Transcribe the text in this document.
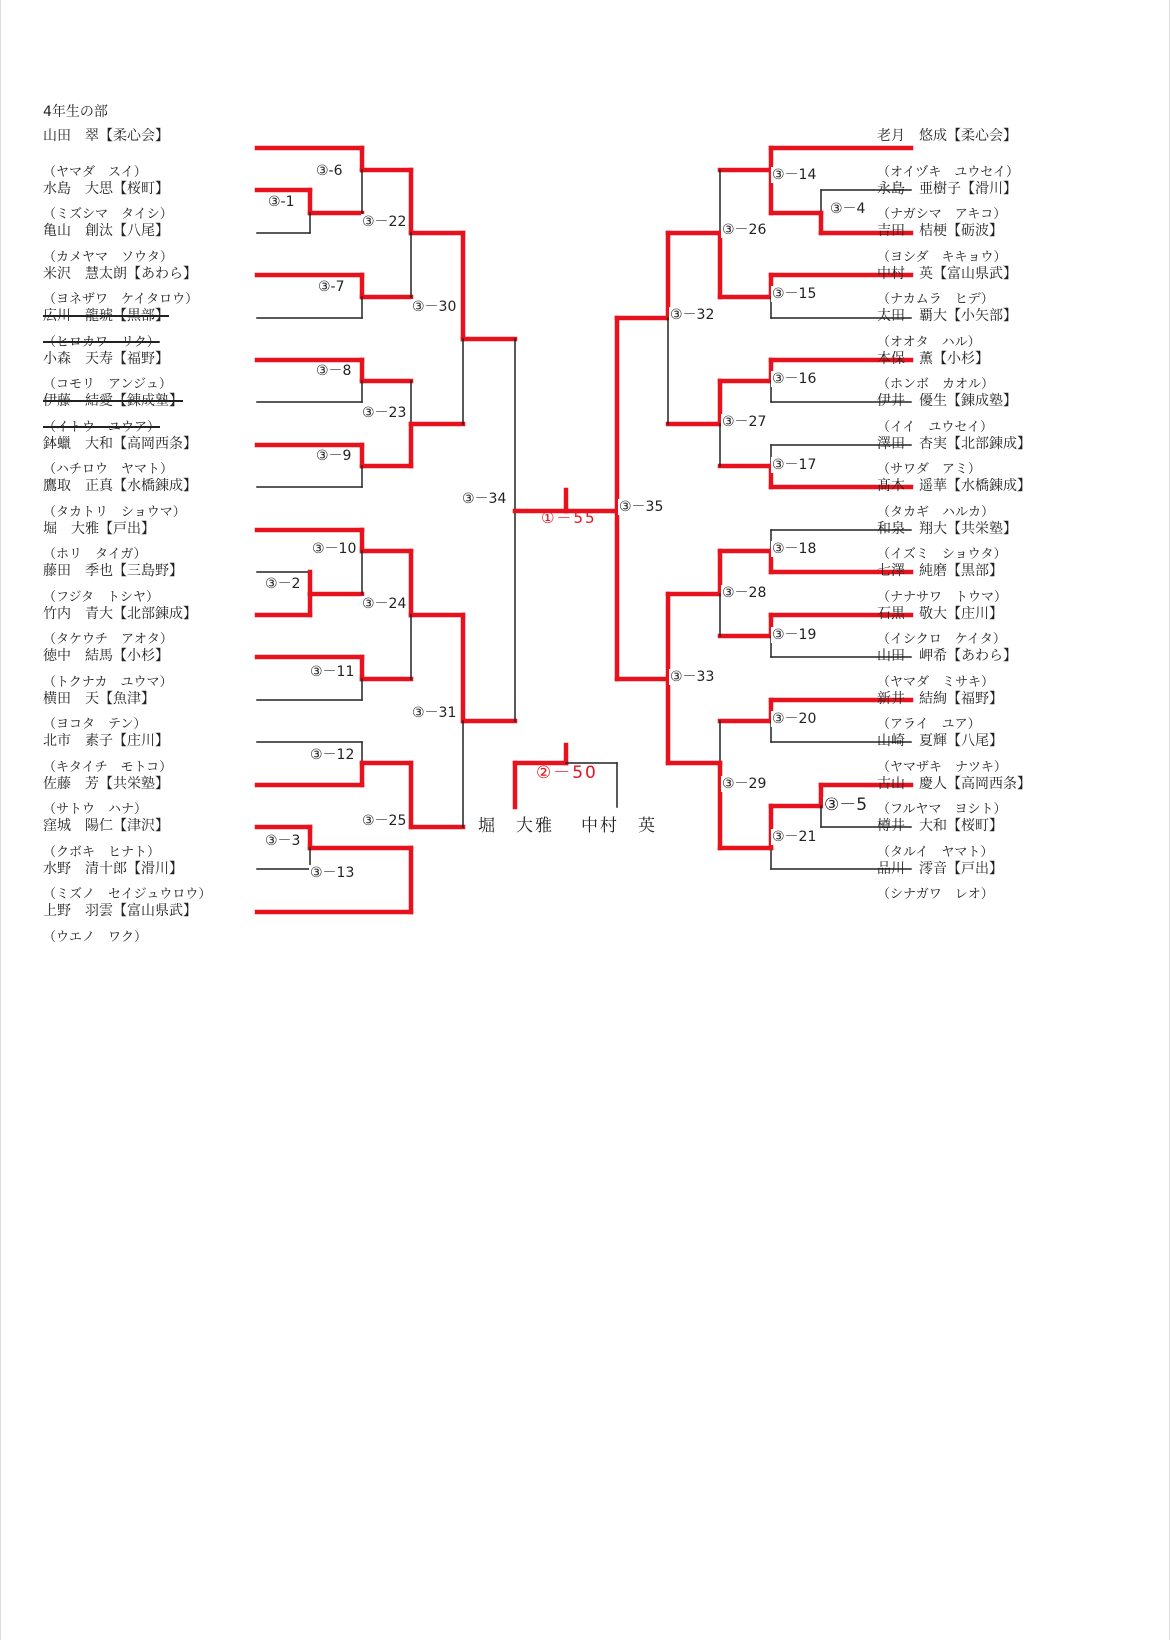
4年生の部
山田　翠【柔心会】
（ヤマダ　スイ）
水島　大思【桜町】
（ミズシマ　タイシ）
亀山　創汰【八尾】
（カメヤマ　ソウタ）
米沢　慧太朗【あわら】
（ヨネザワ　ケイタロウ）
広川　龍琥【黒部】
（ヒロカワ　リク）
小森　天寿【福野】
（コモリ　アンジュ）
伊藤　結愛【錬成塾】
（イトウ　ユウア）
鉢蠟　大和【高岡西条】
（ハチロウ　ヤマト）
鷹取　正真【水橋錬成】
（タカトリ　ショウマ）
堀　大雅【戸出】
（ホリ　タイガ）
藤田　季也【三島野】
（フジタ　トシヤ）
竹内　青大【北部錬成】
（タケウチ　アオタ）
徳中　結馬【小杉】
（トクナカ　ユウマ）
横田　天【魚津】
（ヨコタ　テン）
北市　素子【庄川】
（キタイチ　モトコ）
佐藤　芳【共栄塾】
（サトウ　ハナ）
窪城　陽仁【津沢】
（クボキ　ヒナト）
水野　清十郎【滑川】
（ミズノ　セイジュウロウ）
上野　羽雲【富山県武】
（ウエノ　ワク）
老月　悠成【柔心会】
（オイヅキ　ユウセイ）
永島　亜樹子【滑川】
（ナガシマ　アキコ）
吉田　桔梗【砺波】
（ヨシダ　キキョウ）
中村　英【富山県武】
（ナカムラ　ヒデ）
太田　覇大【小矢部】
（オオタ　ハル）
本保　薫【小杉】
（ホンボ　カオル）
伊井　優生【錬成塾】
（イイ　ユウセイ）
澤田　杏実【北部錬成】
（サワダ　アミ）
髙木　遥華【水橋錬成】
（タカギ　ハルカ）
和泉　翔大【共栄塾】
（イズミ　ショウタ）
七澤　純磨【黒部】
（ナナサワ　トウマ）
石黒　敬大【庄川】
（イシクロ　ケイタ）
山田　岬希【あわら】
（ヤマダ　ミサキ）
新井　結絢【福野】
（アライ　ユア）
山崎　夏輝【八尾】
（ヤマザキ　ナツキ）
古山　慶人【高岡西条】
（フルヤマ　ヨシト）
樽井　大和【桜町】
（タルイ　ヤマト）
品川　澪音【戸出】
（シナガワ　レオ）
③-6
③-1
③－22
③-7
③－30
③－8
③－23
③－9
③－34
③－10
③－2
③－24
③－11
③－31
③－12
③－25
③－3
③－13
③－14
③－4
③－26
③－15
③－32
③－16
③－27
③－17
③－35
③－18
③－28
③－19
③－33
③－20
③－29
③－5
③－21
①－55
②－50
堀　大雅 中村　英
